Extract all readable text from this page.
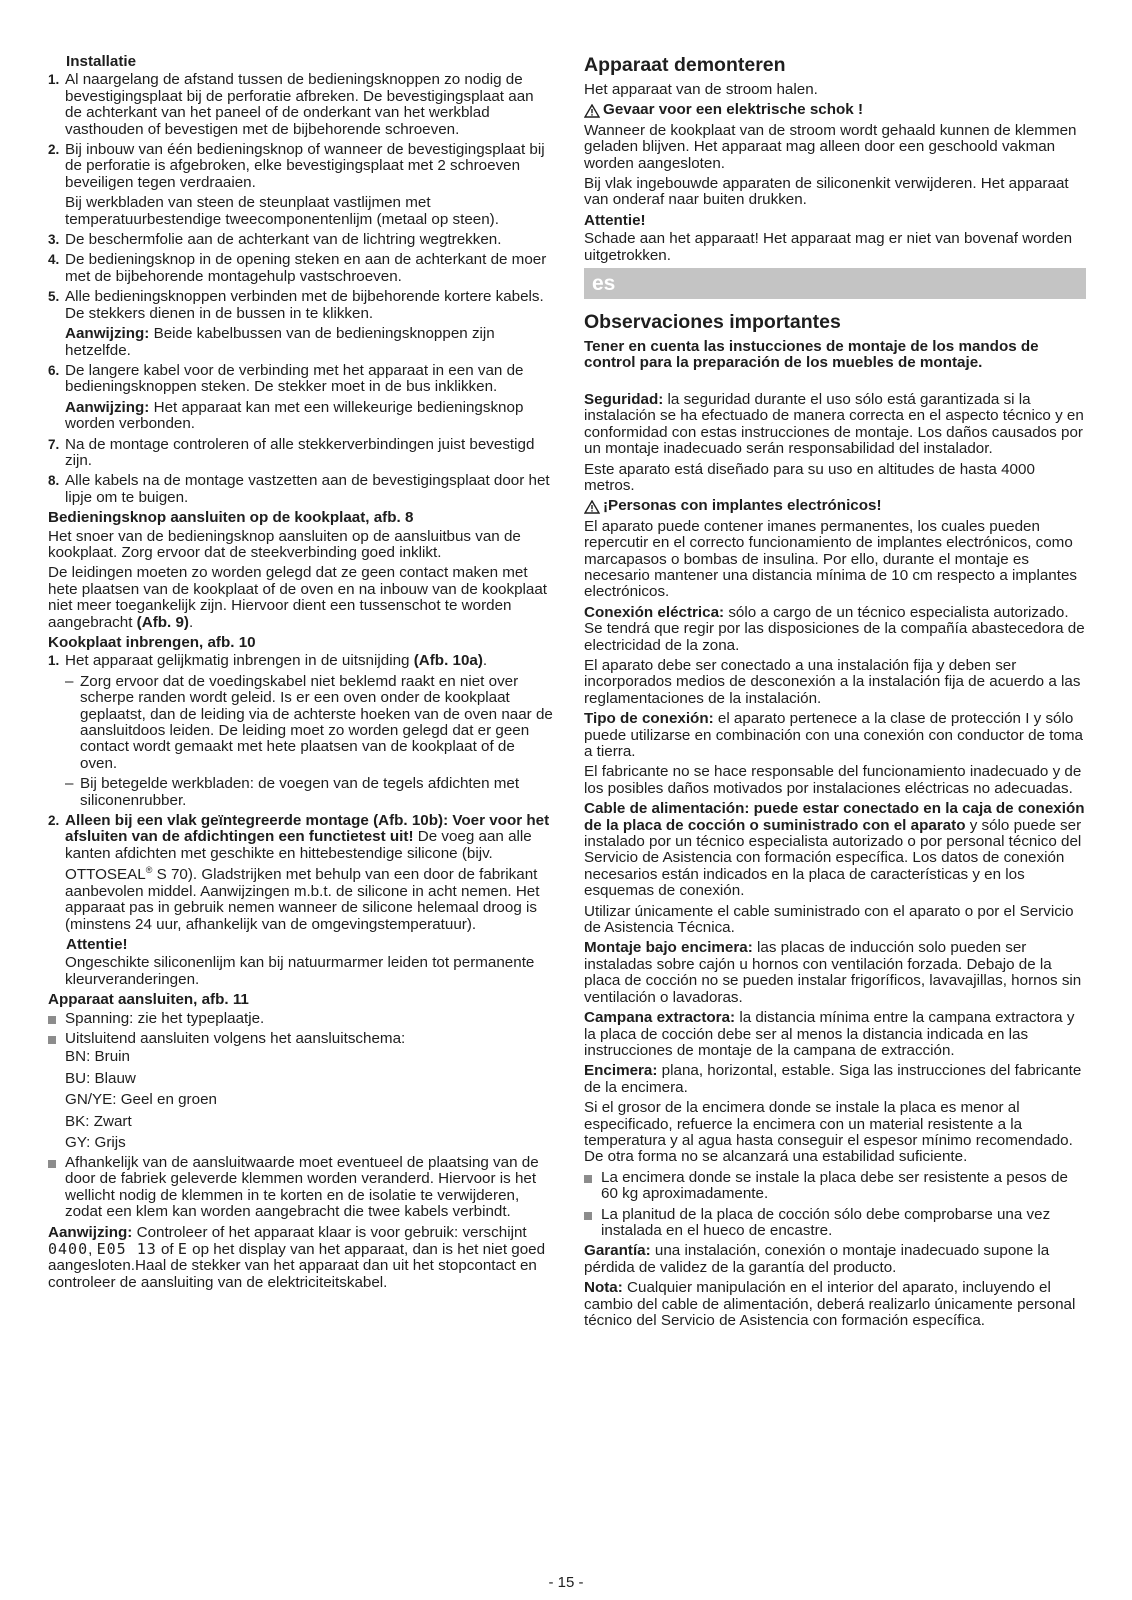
Installatie
1. Al naargelang de afstand tussen de bedieningsknoppen zo nodig de bevestigingsplaat bij de perforatie afbreken. De bevestigingsplaat aan de achterkant van het paneel of de onderkant van het werkblad vasthouden of bevestigen met de bijbehorende schroeven.
2. Bij inbouw van één bedieningsknop of wanneer de bevestigingsplaat bij de perforatie is afgebroken, elke bevestigingsplaat met 2 schroeven beveiligen tegen verdraaien.
Bij werkbladen van steen de steunplaat vastlijmen met temperatuurbestendige tweecomponentenlijm (metaal op steen).
3. De beschermfolie aan de achterkant van de lichtring wegtrekken.
4. De bedieningsknop in de opening steken en aan de achterkant de moer met de bijbehorende montagehulp vastschroeven.
5. Alle bedieningsknoppen verbinden met de bijbehorende kortere kabels. De stekkers dienen in de bussen in te klikken.

Aanwijzing: Beide kabelbussen van de bedieningsknoppen zijn hetzelfde.

6. De langere kabel voor de verbinding met het apparaat in een van de bedieningsknoppen steken. De stekker moet in de bus inklikken.

Aanwijzing: Het apparaat kan met een willekeurige bedieningsknop worden verbonden.

7. Na de montage controleren of alle stekkerverbindingen juist bevestigd zijn.
8. Alle kabels na de montage vastzetten aan de bevestigingsplaat door het lipje om te buigen.
Bedieningsknop aansluiten op de kookplaat, afb. 8

Het snoer van de bedieningsknop aansluiten op de aansluitbus van de kookplaat. Zorg ervoor dat de steekverbinding goed inklikt.

De leidingen moeten zo worden gelegd dat ze geen contact maken met hete plaatsen van de kookplaat of de oven en na inbouw van de kookplaat niet meer toegankelijk zijn. Hiervoor dient een tussenschot te worden aangebracht (Afb. 9).

Kookplaat inbrengen, afb. 10
1. Het apparaat gelijkmatig inbrengen in de uitsnijding (Afb. 10a).
– Zorg ervoor dat de voedingskabel niet beklemd raakt en niet over scherpe randen wordt geleid. Is er een oven onder de kookplaat geplaatst, dan de leiding via de achterste hoeken van de oven naar de aansluitdoos leiden. De leiding moet zo worden gelegd dat er geen contact wordt gemaakt met hete plaatsen van de kookplaat of de oven.
– Bij betegelde werkbladen: de voegen van de tegels afdichten met siliconenrubber.
2. Alleen bij een vlak geïntegreerde montage (Afb. 10b): Voer voor het afsluiten van de afdichtingen een functietest uit! De voeg aan alle kanten afdichten met geschikte en hittebestendige silicone (bijv. OTTOSEAL® S 70). Gladstrijken met behulp van een door de fabrikant aanbevolen middel. Aanwijzingen m.b.t. de silicone in acht nemen. Het apparaat pas in gebruik nemen wanneer de silicone helemaal droog is (minstens 24 uur, afhankelijk van de omgevingstemperatuur).
Attentie!

Ongeschikte siliconenlijm kan bij natuurmarmer leiden tot permanente kleurveranderingen.

Apparaat aansluiten, afb. 11
Spanning: zie het typeplaatje.
Uitsluitend aansluiten volgens het aansluitschema:
BN: Bruin
BU: Blauw
GN/YE: Geel en groen
BK: Zwart
GY: Grijs
Afhankelijk van de aansluitwaarde moet eventueel de plaatsing van de door de fabriek geleverde klemmen worden veranderd. Hiervoor is het wellicht nodig de klemmen in te korten en de isolatie te verwijderen, zodat een klem kan worden aangebracht die twee kabels verbindt.

Aanwijzing: Controleer of het apparaat klaar is voor gebruik: verschijnt 0400, E05 13 of E op het display van het apparaat, dan is het niet goed aangesloten.Haal de stekker van het apparaat dan uit het stopcontact en controleer de aansluiting van de elektriciteitskabel.

Apparaat demonteren

Het apparaat van de stroom halen.

Gevaar voor een elektrische schok !

Wanneer de kookplaat van de stroom wordt gehaald kunnen de klemmen geladen blijven. Het apparaat mag alleen door een geschoold vakman worden aangesloten.

Bij vlak ingebouwde apparaten de siliconenkit verwijderen. Het apparaat van onderaf naar buiten drukken.

Attentie!

Schade aan het apparaat! Het apparaat mag er niet van bovenaf worden uitgetrokken.

es
Observaciones importantes

Tener en cuenta las instucciones de montaje de los mandos de control para la preparación de los muebles de montaje.

Seguridad: la seguridad durante el uso sólo está garantizada si la instalación se ha efectuado de manera correcta en el aspecto técnico y en conformidad con estas instrucciones de montaje. Los daños causados por un montaje inadecuado serán responsabilidad del instalador.

Este aparato está diseñado para su uso en altitudes de hasta 4000 metros.

¡Personas con implantes electrónicos!

El aparato puede contener imanes permanentes, los cuales pueden repercutir en el correcto funcionamiento de implantes electrónicos, como marcapasos o bombas de insulina. Por ello, durante el montaje es necesario mantener una distancia mínima de 10 cm respecto a implantes electrónicos.

Conexión eléctrica: sólo a cargo de un técnico especialista autorizado. Se tendrá que regir por las disposiciones de la compañía abastecedora de electricidad de la zona.

El aparato debe ser conectado a una instalación fija y deben ser incorporados medios de desconexión a la instalación fija de acuerdo a las reglamentaciones de la instalación.

Tipo de conexión: el aparato pertenece a la clase de protección I y sólo puede utilizarse en combinación con una conexión con conductor de toma a tierra.

El fabricante no se hace responsable del funcionamiento inadecuado y de los posibles daños motivados por instalaciones eléctricas no adecuadas.

Cable de alimentación: puede estar conectado en la caja de conexión de la placa de cocción o suministrado con el aparato y sólo puede ser instalado por un técnico especialista autorizado o por personal técnico del Servicio de Asistencia con formación específica. Los datos de conexión necesarios están indicados en la placa de características y en los esquemas de conexión.

Utilizar únicamente el cable suministrado con el aparato o por el Servicio de Asistencia Técnica.

Montaje bajo encimera: las placas de inducción solo pueden ser instaladas sobre cajón u hornos con ventilación forzada. Debajo de la placa de cocción no se pueden instalar frigoríficos, lavavajillas, hornos sin ventilación o lavadoras.

Campana extractora: la distancia mínima entre la campana extractora y la placa de cocción debe ser al menos la distancia indicada en las instrucciones de montaje de la campana de extracción.

Encimera: plana, horizontal, estable. Siga las instrucciones del fabricante de la encimera.

Si el grosor de la encimera donde se instale la placa es menor al especificado, refuerce la encimera con un material resistente a la temperatura y al agua hasta conseguir el espesor mínimo recomendado. De otra forma no se alcanzará una estabilidad suficiente.

La encimera donde se instale la placa debe ser resistente a pesos de 60 kg aproximadamente.
La planitud de la placa de cocción sólo debe comprobarse una vez instalada en el hueco de encastre.

Garantía: una instalación, conexión o montaje inadecuado supone la pérdida de validez de la garantía del producto.

Nota: Cualquier manipulación en el interior del aparato, incluyendo el cambio del cable de alimentación, deberá realizarlo únicamente personal técnico del Servicio de Asistencia con formación específica.

- 15 -
